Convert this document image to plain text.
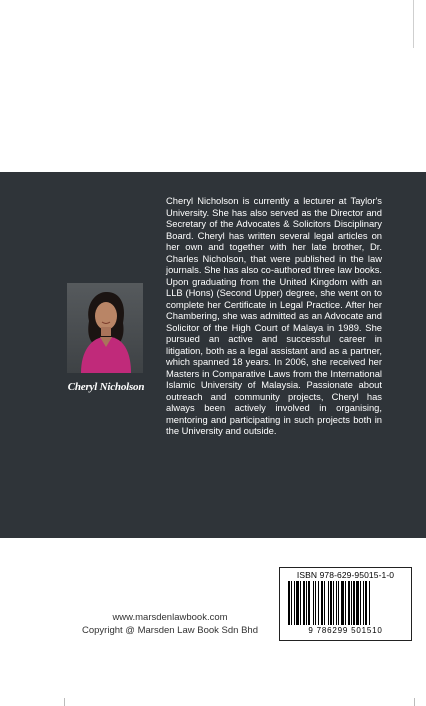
Cheryl Nicholson

Cheryl Nicholson is currently a lecturer at Taylor's University. She has also served as the Director and Secretary of the Advocates & Solicitors Disciplinary Board. Cheryl has written several legal articles on her own and together with her late brother, Dr. Charles Nicholson, that were published in the law journals. She has also co-authored three law books. Upon graduating from the United Kingdom with an LLB (Hons) (Second Upper) degree, she went on to complete her Certificate in Legal Practice. After her Chambering, she was admitted as an Advocate and Solicitor of the High Court of Malaya in 1989. She pursued an active and successful career in litigation, both as a legal assistant and as a partner, which spanned 18 years. In 2006, she received her Masters in Comparative Laws from the International Islamic University of Malaysia. Passionate about outreach and community projects, Cheryl has always been actively involved in organising, mentoring and participating in such projects both in the University and outside.

www.marsdenlawbook.com
Copyright @ Marsden Law Book Sdn Bhd
ISBN 978-629-95015-1-0
9 786299 501510
